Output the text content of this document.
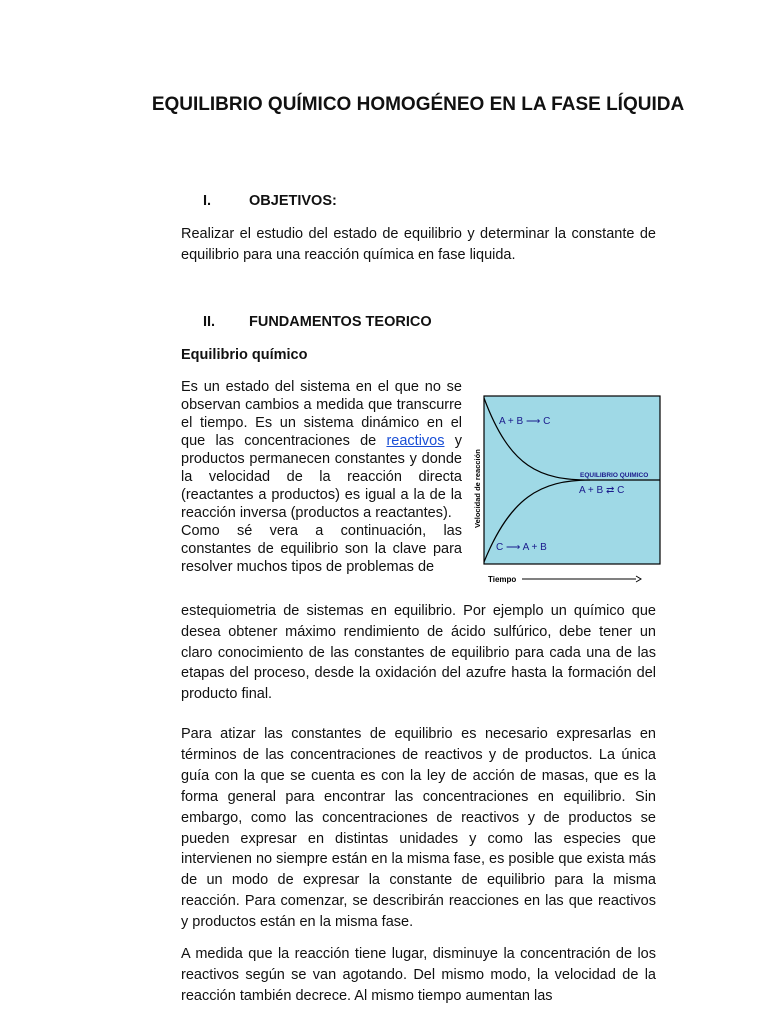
EQUILIBRIO QUÍMICO HOMOGÉNEO EN LA FASE LÍQUIDA
I.	OBJETIVOS:

Realizar el estudio del estado de equilibrio y determinar la constante de equilibrio para una reacción química en fase liquida.

II. FUNDAMENTOS TEORICO
Equilibrio químico

Es un estado del sistema en el que no se observan cambios a medida que transcurre el tiempo. Es un sistema dinámico en el que las concentraciones de reactivos y productos permanecen constantes y donde la velocidad de la reacción directa (reactantes a productos) es igual a la de la reacción inversa (productos a reactantes).

Como sé vera a continuación, las constantes de equilibrio son la clave para resolver muchos tipos de problemas de

A + B ⟶ C
EQUILIBRIO QUIMICO
A + B ⇄ C
C ⟶ A + B
Velocidad de reacción
Tiempo

estequiometria de sistemas en equilibrio. Por ejemplo un químico que desea obtener máximo rendimiento de ácido sulfúrico, debe tener un claro conocimiento de las constantes de equilibrio para cada una de las etapas del proceso, desde la oxidación del azufre hasta la formación del producto final.

Para atizar las constantes de equilibrio es necesario expresarlas en términos de las concentraciones de reactivos y de productos. La única guía con la que se cuenta es con la ley de acción de masas, que es la forma general para encontrar las concentraciones en equilibrio. Sin embargo, como las concentraciones de reactivos y de productos se pueden expresar en distintas unidades y como las especies que intervienen no siempre están en la misma fase, es posible que exista más de un modo de expresar la constante de equilibrio para la misma reacción. Para comenzar, se describirán reacciones en las que reactivos y productos están en la misma fase.

A medida que la reacción tiene lugar, disminuye la concentración de los reactivos según se van agotando. Del mismo modo, la velocidad de la reacción también decrece. Al mismo tiempo aumentan las
